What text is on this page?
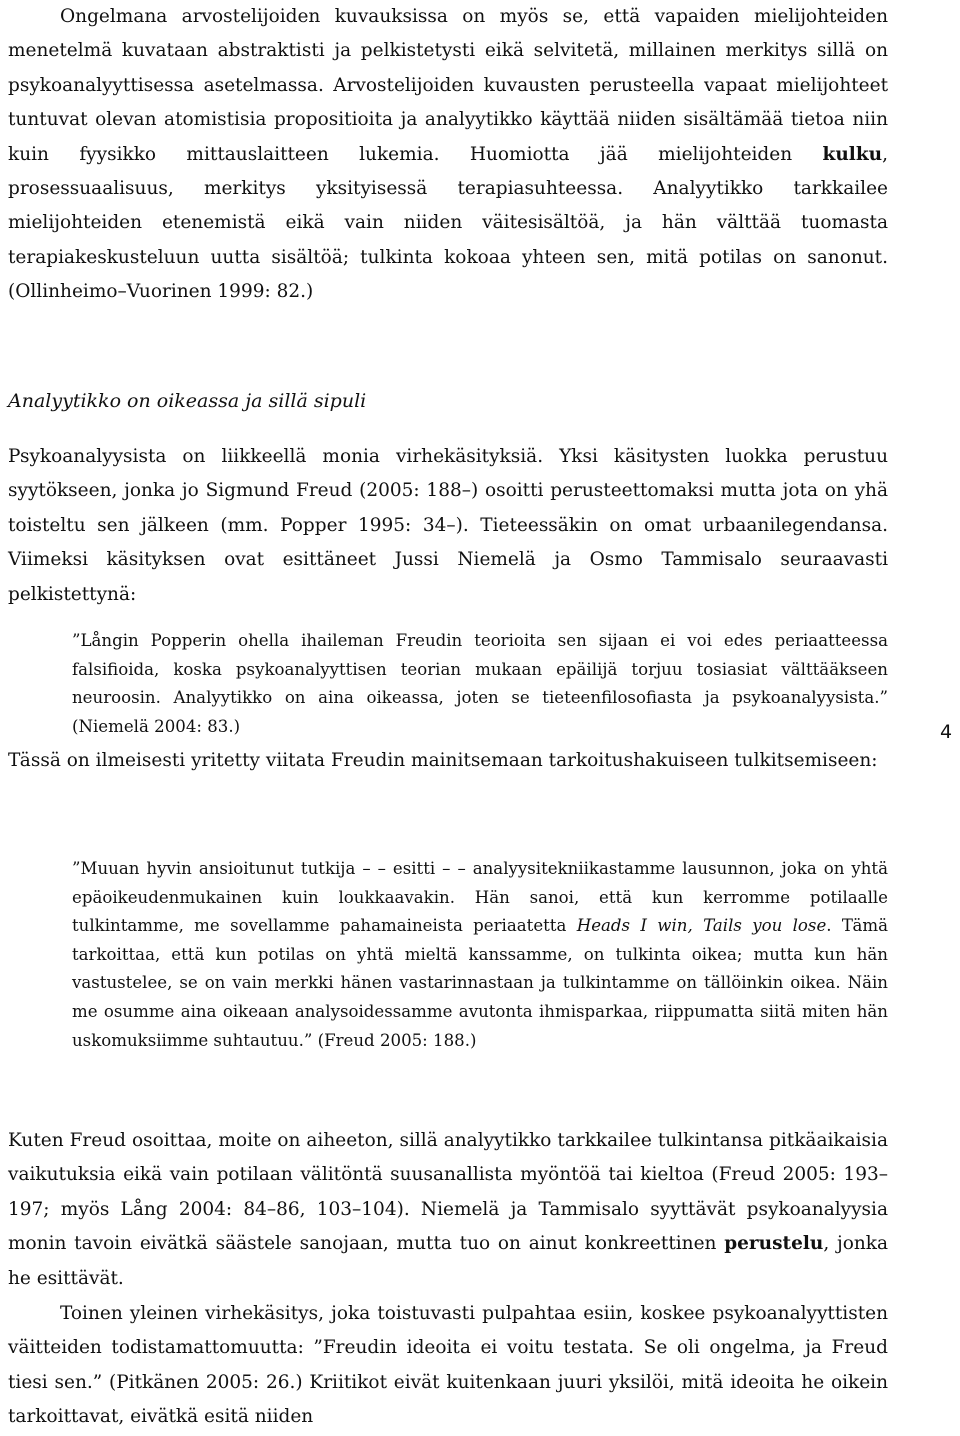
Ongelmana arvostelijoiden kuvauksissa on myös se, että vapaiden mielijohteiden menetelmä kuvataan abstraktisti ja pelkistetysti eikä selvitetä, millainen merkitys sillä on psykoanalyyttisessa asetelmassa. Arvostelijoiden kuvausten perusteella vapaat mielijohteet tuntuvat olevan atomistisia propositioita ja analyytikko käyttää niiden sisältämää tietoa niin kuin fyysikko mittauslaitteen lukemia. Huomiotta jää mielijohteiden kulku, prosessuaalisuus, merkitys yksityisessä terapiasuhteessa. Analyytikko tarkkailee mielijohteiden etenemistä eikä vain niiden väitesisältöä, ja hän välttää tuomasta terapiakeskusteluun uutta sisältöä; tulkinta kokoaa yhteen sen, mitä potilas on sanonut. (Ollinheimo–Vuorinen 1999: 82.)

Analyytikko on oikeassa ja sillä sipuli

Psykoanalyysista on liikkeellä monia virhekäsityksiä. Yksi käsitysten luokka perustuu syytökseen, jonka jo Sigmund Freud (2005: 188–) osoitti perusteettomaksi mutta jota on yhä toisteltu sen jälkeen (mm. Popper 1995: 34–). Tieteessäkin on omat urbaanilegendansa. Viimeksi käsityksen ovat esittäneet Jussi Niemelä ja Osmo Tammisalo seuraavasti pelkistettynä:

”Långin Popperin ohella ihaileman Freudin teorioita sen sijaan ei voi edes periaatteessa falsifioida, koska psykoanalyyttisen teorian mukaan epäilijä torjuu tosiasiat välttääkseen neuroosin. Analyytikko on aina oikeassa, joten se tieteenfilosofiasta ja psykoanalyysista.” (Niemelä 2004: 83.)

Tässä on ilmeisesti yritetty viitata Freudin mainitsemaan tarkoitushakuiseen tulkitsemiseen:

”Muuan hyvin ansioitunut tutkija – – esitti – – analyysitekniikastamme lausunnon, joka on yhtä epäoikeudenmukainen kuin loukkaavakin. Hän sanoi, että kun kerromme potilaalle tulkintamme, me sovellamme pahamaineista periaatetta Heads I win, Tails you lose. Tämä tarkoittaa, että kun potilas on yhtä mieltä kanssamme, on tulkinta oikea; mutta kun hän vastustelee, se on vain merkki hänen vastarinnastaan ja tulkintamme on tällöinkin oikea. Näin me osumme aina oikeaan analysoidessamme avutonta ihmisparkaa, riippumatta siitä miten hän uskomuksiimme suhtautuu.” (Freud 2005: 188.)

Kuten Freud osoittaa, moite on aiheeton, sillä analyytikko tarkkailee tulkintansa pitkäaikaisia vaikutuksia eikä vain potilaan välitöntä suusanallista myöntöä tai kieltoa (Freud 2005: 193–197; myös Lång 2004: 84–86, 103–104). Niemelä ja Tammisalo syyttävät psykoanalyysia monin tavoin eivätkä säästele sanojaan, mutta tuo on ainut konkreettinen perustelu, jonka he esittävät.

Toinen yleinen virhekäsitys, joka toistuvasti pulpahtaa esiin, koskee psykoanalyyttisten väitteiden todistamattomuutta: ”Freudin ideoita ei voitu testata. Se oli ongelma, ja Freud tiesi sen.” (Pitkänen 2005: 26.) Kriitikot eivät kuitenkaan juuri yksilöi, mitä ideoita he oikein tarkoittavat, eivätkä esitä niiden

4
